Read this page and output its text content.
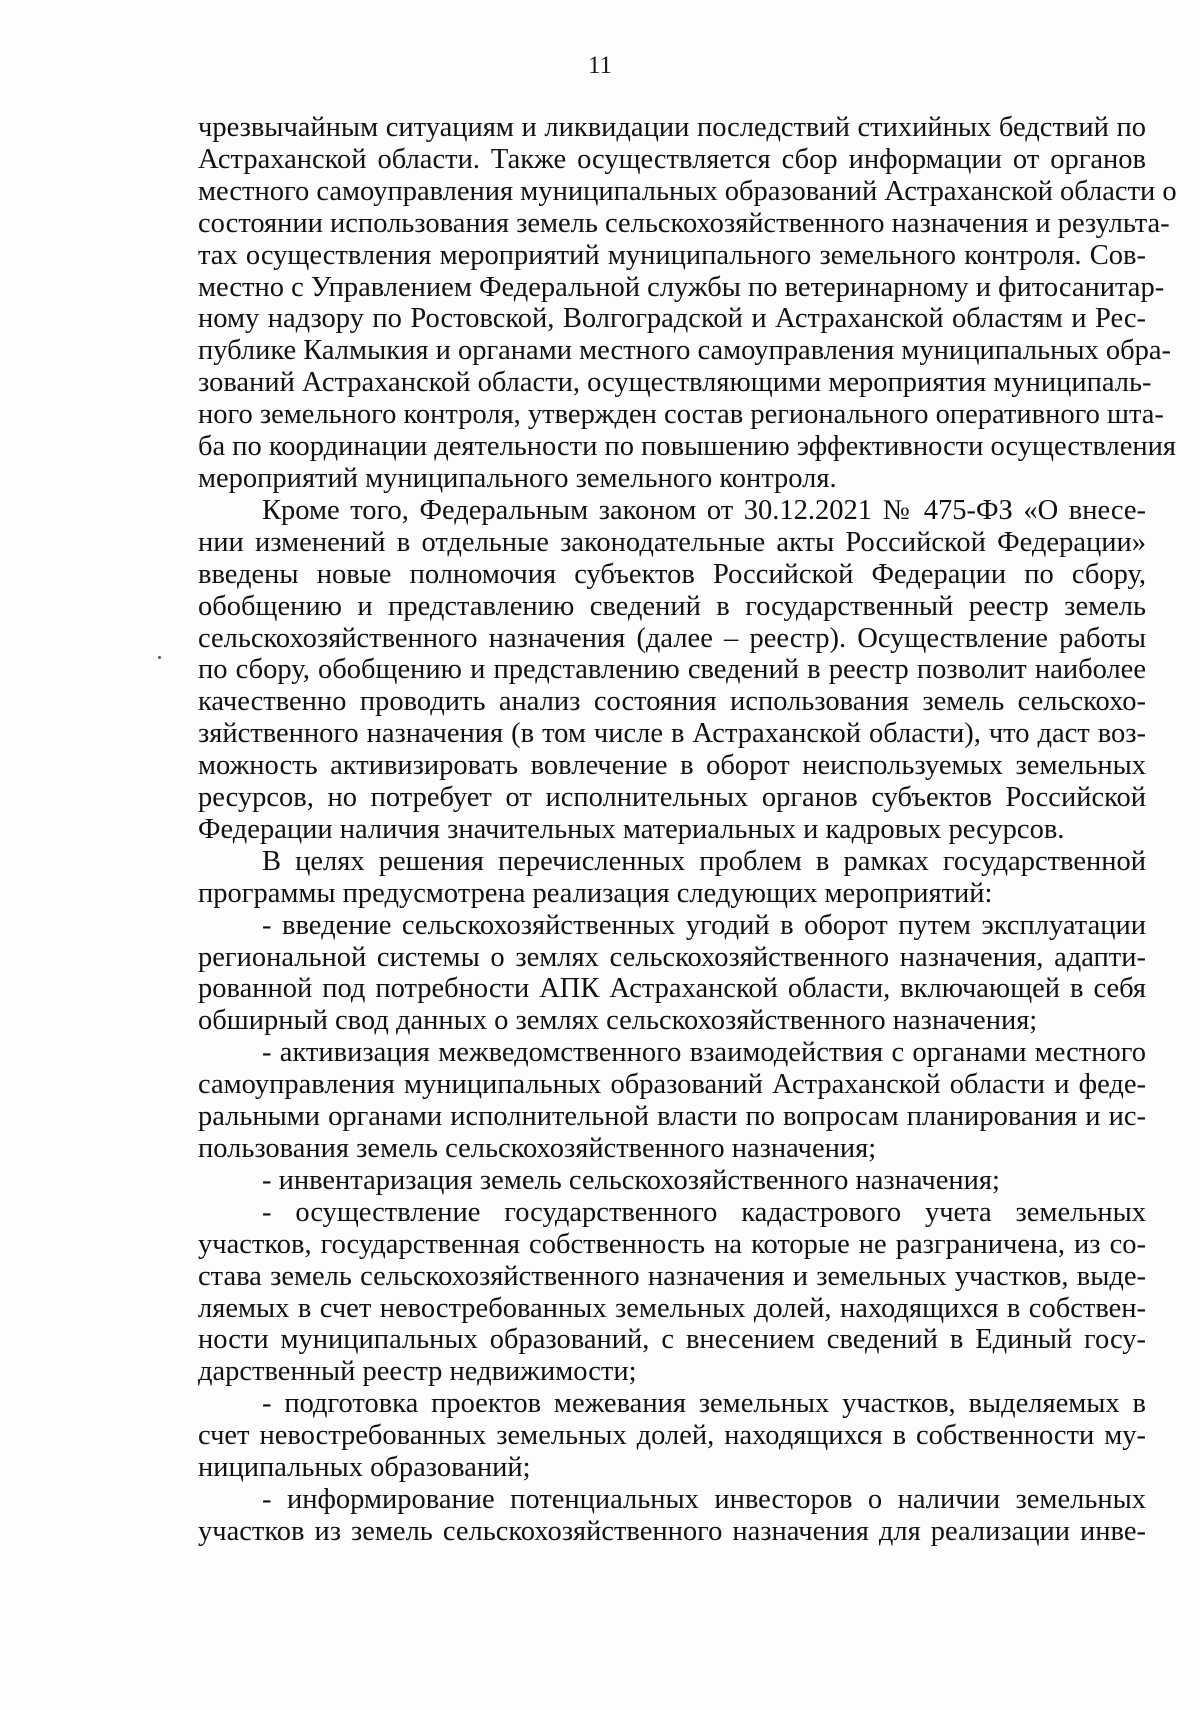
11
чрезвычайным ситуациям и ликвидации последствий стихийных бедствий по
Астраханской области. Также осуществляется сбор информации от органов
местного самоуправления муниципальных образований Астраханской области о
состоянии использования земель сельскохозяйственного назначения и результа-
тах осуществления мероприятий муниципального земельного контроля. Сов-
местно с Управлением Федеральной службы по ветеринарному и фитосанитар-
ному надзору по Ростовской, Волгоградской и Астраханской областям и Рес-
публике Калмыкия и органами местного самоуправления муниципальных обра-
зований Астраханской области, осуществляющими мероприятия муниципаль-
ного земельного контроля, утвержден состав регионального оперативного шта-
ба по координации деятельности по повышению эффективности осуществления
мероприятий муниципального земельного контроля.
Кроме того, Федеральным законом от 30.12.2021 № 475-ФЗ «О внесе-
нии изменений в отдельные законодательные акты Российской Федерации»
введены новые полномочия субъектов Российской Федерации по сбору,
обобщению и представлению сведений в государственный реестр земель
сельскохозяйственного назначения (далее – реестр). Осуществление работы
по сбору, обобщению и представлению сведений в реестр позволит наиболее
качественно проводить анализ состояния использования земель сельскохо-
зяйственного назначения (в том числе в Астраханской области), что даст воз-
можность активизировать вовлечение в оборот неиспользуемых земельных
ресурсов, но потребует от исполнительных органов субъектов Российской
Федерации наличия значительных материальных и кадровых ресурсов.
В целях решения перечисленных проблем в рамках государственной
программы предусмотрена реализация следующих мероприятий:
- введение сельскохозяйственных угодий в оборот путем эксплуатации
региональной системы о землях сельскохозяйственного назначения, адапти-
рованной под потребности АПК Астраханской области, включающей в себя
обширный свод данных о землях сельскохозяйственного назначения;
- активизация межведомственного взаимодействия с органами местного
самоуправления муниципальных образований Астраханской области и феде-
ральными органами исполнительной власти по вопросам планирования и ис-
пользования земель сельскохозяйственного назначения;
- инвентаризация земель сельскохозяйственного назначения;
- осуществление государственного кадастрового учета земельных
участков, государственная собственность на которые не разграничена, из со-
става земель сельскохозяйственного назначения и земельных участков, выде-
ляемых в счет невостребованных земельных долей, находящихся в собствен-
ности муниципальных образований, с внесением сведений в Единый госу-
дарственный реестр недвижимости;
- подготовка проектов межевания земельных участков, выделяемых в
счет невостребованных земельных долей, находящихся в собственности му-
ниципальных образований;
- информирование потенциальных инвесторов о наличии земельных
участков из земель сельскохозяйственного назначения для реализации инве-
